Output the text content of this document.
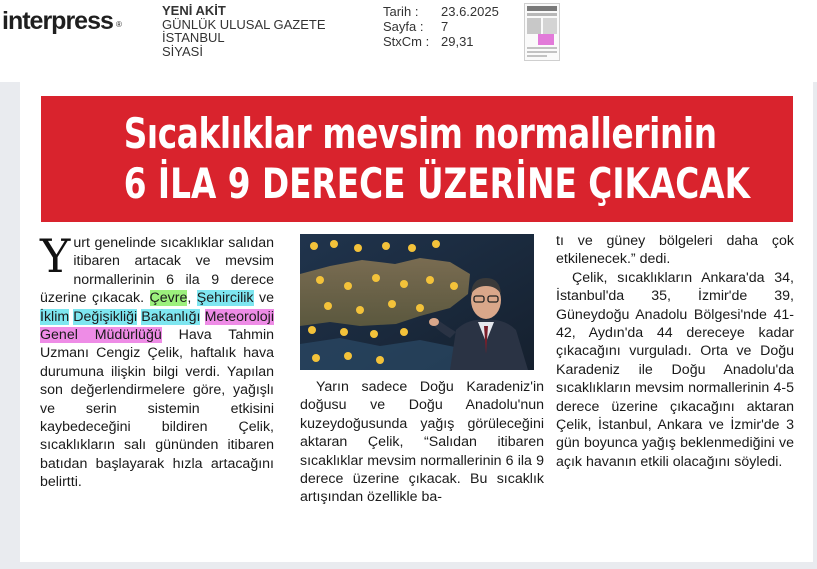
interpress ®
YENİ AKİT
GÜNLÜK ULUSAL GAZETE
İSTANBUL
SİYASİ
Tarih :	23.6.2025
Sayfa :	7
StxCm : 29,31
Sıcaklıklar mevsim normallerinin
6 İLA 9 DERECE ÜZERİNE ÇIKACAK

Yurt genelinde sıcaklıklar salıdan itibaren artacak ve mevsim normallerinin 6 ila 9 derece üzerine çıkacak. Çevre, Şehircilik ve İklim Değişikliği Bakanlığı Meteoroloji Genel Müdürlüğü Hava Tahmin Uzmanı Cengiz Çelik, haftalık hava durumuna ilişkin bilgi verdi. Yapılan son değerlendirmelere göre, yağışlı ve serin sistemin etkisini kaybedeceğini bildiren Çelik, sıcaklıkların salı gününden itibaren batıdan başlayarak hızla artacağını belirtti.

Yarın sadece Doğu Karadeniz'in doğusu ve Doğu Anadolu'nun kuzeydoğusunda yağış görüleceğini aktaran Çelik, “Salıdan itibaren sıcaklıklar mevsim normallerinin 6 ila 9 derece üzerine çıkacak. Bu sıcaklık artışından özellikle ba-

tı ve güney bölgeleri daha çok etkilenecek.” dedi.

Çelik, sıcaklıkların Ankara'da 34, İstanbul'da 35, İzmir'de 39, Güneydoğu Anadolu Bölgesi'nde 41-42, Aydın'da 44 dereceye kadar çıkacağını vurguladı. Orta ve Doğu Karadeniz ile Doğu Anadolu'da sıcaklıkların mevsim normallerinin 4-5 derece üzerine çıkacağını aktaran Çelik, İstanbul, Ankara ve İzmir'de 3 gün boyunca yağış beklenmediğini ve açık havanın etkili olacağını söyledi.
